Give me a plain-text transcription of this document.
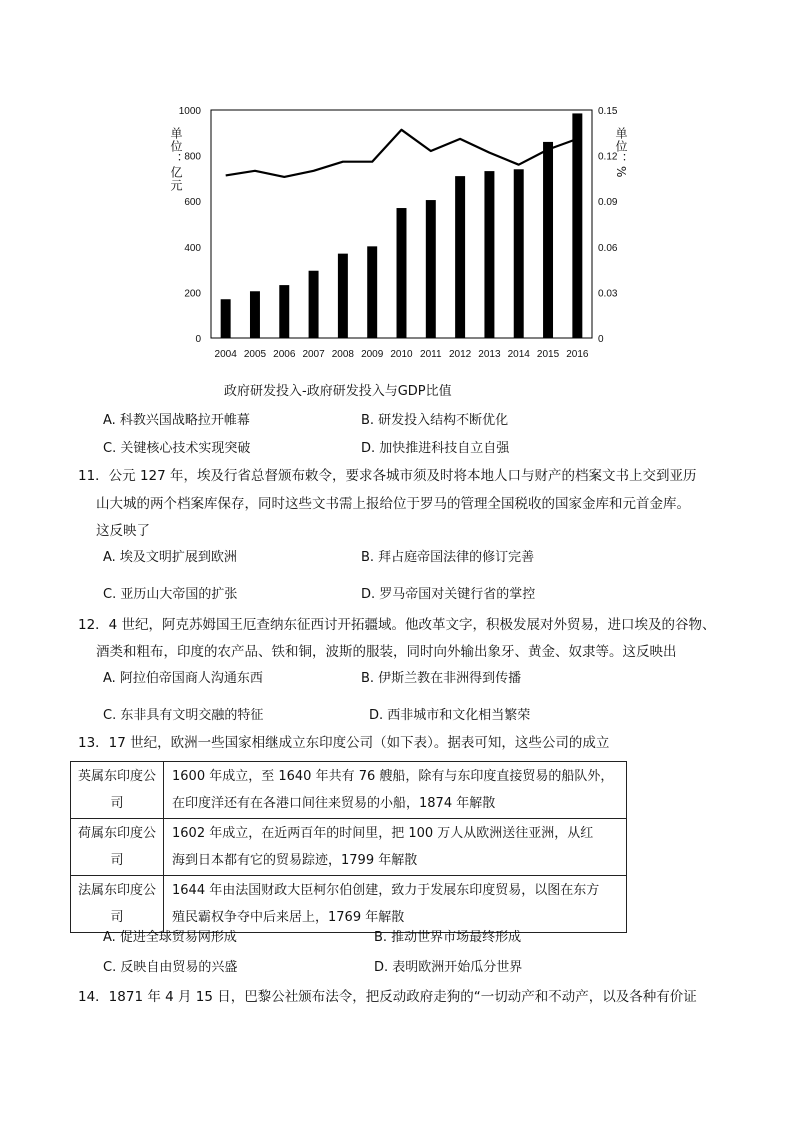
0
200
400
600
800
1000
0
0.03
0.06
0.09
0.12
0.15
2004 2005 2006 2007 2008 2009 2010 2011 2012 2013 2014 2015 2016
单位：亿元	单位：%
政府研发投入-政府研发投入与GDP比值
A. 科教兴国战略拉开帷幕	B. 研发投入结构不断优化
C. 关键核心技术实现突破	D. 加快推进科技自立自强
11．公元 127 年，埃及行省总督颁布敕令，要求各城市须及时将本地人口与财产的档案文书上交到亚历
山大城的两个档案库保存，同时这些文书需上报给位于罗马的管理全国税收的国家金库和元首金库。
这反映了
A. 埃及文明扩展到欧洲	B. 拜占庭帝国法律的修订完善
C. 亚历山大帝国的扩张	D. 罗马帝国对关键行省的掌控
12．4 世纪，阿克苏姆国王厄查纳东征西讨开拓疆域。他改革文字，积极发展对外贸易，进口埃及的谷物、
酒类和粗布，印度的农产品、铁和铜，波斯的服装，同时向外输出象牙、黄金、奴隶等。这反映出
A. 阿拉伯帝国商人沟通东西	B. 伊斯兰教在非洲得到传播
C. 东非具有文明交融的特征	D. 西非城市和文化相当繁荣
13．17 世纪，欧洲一些国家相继成立东印度公司（如下表）。据表可知，这些公司的成立
英属东印度公司	1600 年成立，至 1640 年共有 76 艘船，除有与东印度直接贸易的船队外，
在印度洋还有在各港口间往来贸易的小船，1874 年解散

荷属东印度公司	1602 年成立，在近两百年的时间里，把 100 万人从欧洲送往亚洲，从红
海到日本都有它的贸易踪迹，1799 年解散

法属东印度公司	1644 年由法国财政大臣柯尔伯创建，致力于发展东印度贸易，以图在东方
殖民霸权争夺中后来居上，1769 年解散
A. 促进全球贸易网形成	B. 推动世界市场最终形成
C. 反映自由贸易的兴盛	D. 表明欧洲开始瓜分世界
14．1871 年 4 月 15 日，巴黎公社颁布法令，把反动政府走狗的“一切动产和不动产，以及各种有价证
